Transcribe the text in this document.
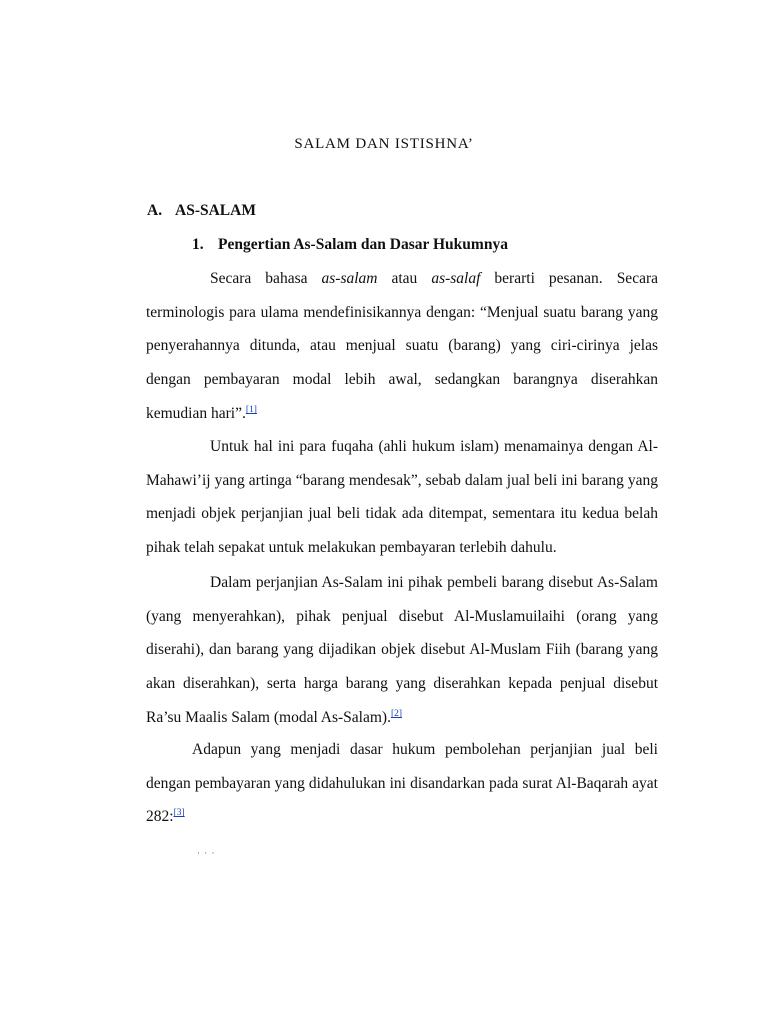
SALAM DAN ISTISHNA’
A. AS-SALAM
1. Pengertian As-Salam dan Dasar Hukumnya

Secara bahasa as-salam atau as-salaf berarti pesanan. Secara terminologis para ulama mendefinisikannya dengan: “Menjual suatu barang yang penyerahannya ditunda, atau menjual suatu (barang) yang ciri-cirinya jelas dengan pembayaran modal lebih awal, sedangkan barangnya diserahkan kemudian hari”.[1]

Untuk hal ini para fuqaha (ahli hukum islam) menamainya dengan Al-Mahawi’ij yang artinga “barang mendesak”, sebab dalam jual beli ini barang yang menjadi objek perjanjian jual beli tidak ada ditempat, sementara itu kedua belah pihak telah sepakat untuk melakukan pembayaran terlebih dahulu.

Dalam perjanjian As-Salam ini pihak pembeli barang disebut As-Salam (yang menyerahkan), pihak penjual disebut Al-Muslamuilaihi (orang yang diserahi), dan barang yang dijadikan objek disebut Al-Muslam Fiih (barang yang akan diserahkan), serta harga barang yang diserahkan kepada penjual disebut Ra’su Maalis Salam (modal As-Salam).[2]

Adapun yang menjadi dasar hukum pembolehan perjanjian jual beli dengan pembayaran yang didahulukan ini disandarkan pada surat Al-Baqarah ayat 282:[3]

· · ·
